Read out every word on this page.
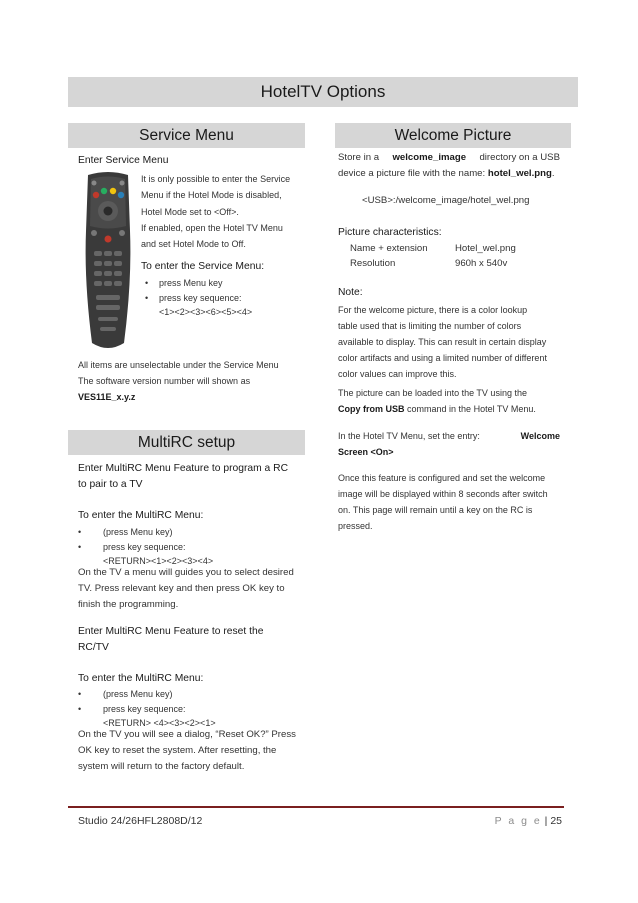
HotelTV Options
Service Menu
Enter Service Menu
It is only possible to enter the Service
Menu if the Hotel Mode is disabled,
Hotel Mode set to <Off>.
If enabled, open the Hotel TV Menu
and set Hotel Mode to Off.
To enter the Service Menu:
• press Menu key
• press key sequence:
<1><2><3><6><5><4>
All items are unselectable under the Service Menu
The software version number will shown as
VES11E_x.y.z
MultiRC setup
Enter MultiRC Menu Feature to program a RC
to pair to a TV
To enter the MultiRC Menu:
• (press Menu key)
• press key sequence:
<RETURN><1><2><3><4>
On the TV a menu will guides you to select desired
TV. Press relevant key and then press OK key to
finish the programming.
Enter MultiRC Menu Feature to reset the
RC/TV
To enter the MultiRC Menu:
• (press Menu key)
• press key sequence:
<RETURN> <4><3><2><1>
On the TV you will see a dialog, “Reset OK?” Press
OK key to reset the system. After resetting, the
system will return to the factory default.
Welcome Picture
Store in a welcome_image directory on a USB
device a picture file with the name: hotel_wel.png.
<USB>:/welcome_image/hotel_wel.png
Picture characteristics:
Name + extension	Hotel_wel.png
Resolution	960h x 540v
Note:
For the welcome picture, there is a color lookup
table used that is limiting the number of colors
available to display. This can result in certain display
color artifacts and using a limited number of different
color values can improve this.
The picture can be loaded into the TV using the
Copy from USB command in the Hotel TV Menu.
In the Hotel TV Menu, set the entry:	Welcome
Screen <On>
Once this feature is configured and set the welcome
image will be displayed within 8 seconds after switch
on. This page will remain until a key on the RC is
pressed.
Studio 24/26HFL2808D/12	P a g e | 25
